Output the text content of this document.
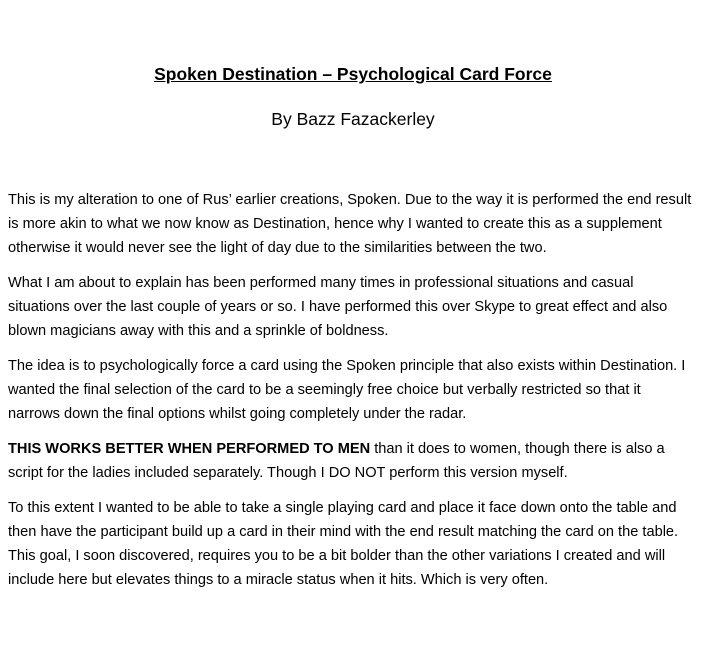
Spoken Destination – Psychological Card Force
By Bazz Fazackerley

This is my alteration to one of Rus’ earlier creations, Spoken. Due to the way it is performed the end result is more akin to what we now know as Destination, hence why I wanted to create this as a supplement otherwise it would never see the light of day due to the similarities between the two.

What I am about to explain has been performed many times in professional situations and casual situations over the last couple of years or so. I have performed this over Skype to great effect and also blown magicians away with this and a sprinkle of boldness.

The idea is to psychologically force a card using the Spoken principle that also exists within Destination. I wanted the final selection of the card to be a seemingly free choice but verbally restricted so that it narrows down the final options whilst going completely under the radar.

THIS WORKS BETTER WHEN PERFORMED TO MEN than it does to women, though there is also a script for the ladies included separately. Though I DO NOT perform this version myself.

To this extent I wanted to be able to take a single playing card and place it face down onto the table and then have the participant build up a card in their mind with the end result matching the card on the table. This goal, I soon discovered, requires you to be a bit bolder than the other variations I created and will include here but elevates things to a miracle status when it hits. Which is very often.
